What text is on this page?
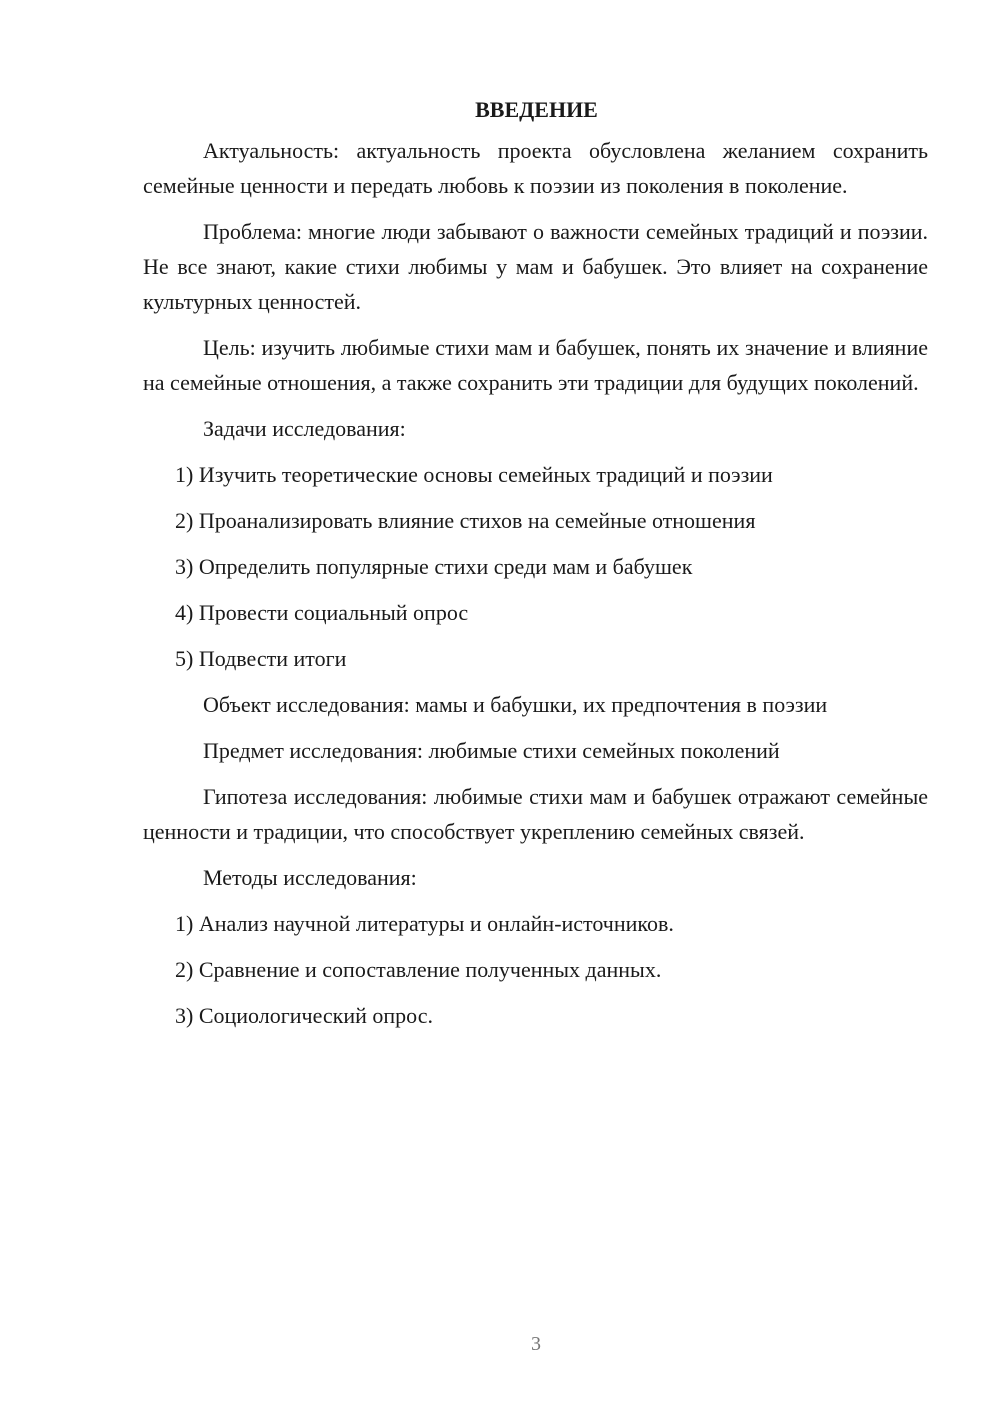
ВВЕДЕНИЕ

Актуальность: актуальность проекта обусловлена желанием сохранить семейные ценности и передать любовь к поэзии из поколения в поколение.

Проблема: многие люди забывают о важности семейных традиций и поэзии. Не все знают, какие стихи любимы у мам и бабушек. Это влияет на сохранение культурных ценностей.

Цель: изучить любимые стихи мам и бабушек, понять их значение и влияние на семейные отношения, а также сохранить эти традиции для будущих поколений.

Задачи исследования:

1) Изучить теоретические основы семейных традиций и поэзии

2) Проанализировать влияние стихов на семейные отношения

3) Определить популярные стихи среди мам и бабушек

4) Провести социальный опрос

5) Подвести итоги

Объект исследования: мамы и бабушки, их предпочтения в поэзии

Предмет исследования: любимые стихи семейных поколений

Гипотеза исследования: любимые стихи мам и бабушек отражают семейные ценности и традиции, что способствует укреплению семейных связей.

Методы исследования:

1) Анализ научной литературы и онлайн-источников.

2) Сравнение и сопоставление полученных данных.

3) Социологический опрос.

3
